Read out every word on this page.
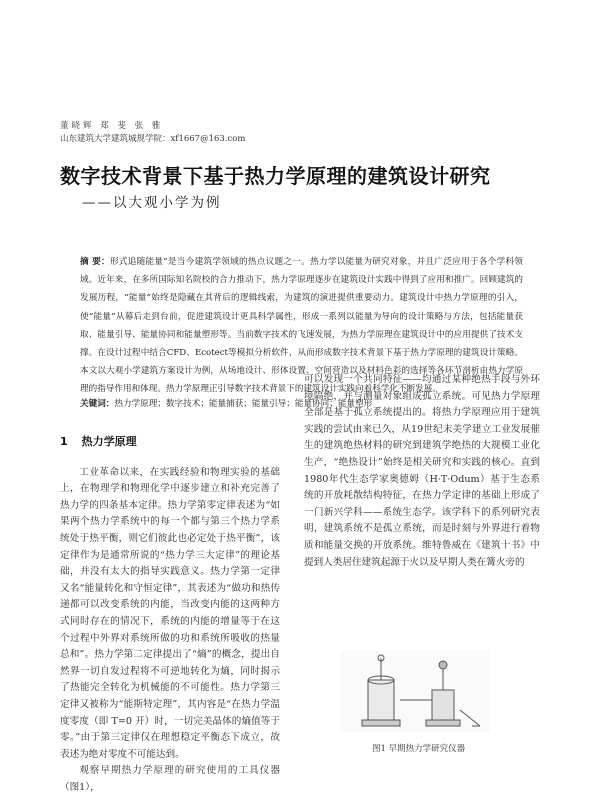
董晓辉 郑 斐 张 雅
山东建筑大学建筑城规学院：xf1667@163.com
数字技术背景下基于热力学原理的建筑设计研究
——以大观小学为例
摘 要：形式追随能量”是当今建筑学领域的热点议题之一。热力学以能量为研究对象，并且广泛应用于各个学科领域。近年来，在多所国际知名院校的合力推动下，热力学原理逐步在建筑设计实践中得到了应用和推广。回顾建筑的发展历程，“能量”始终是隐藏在其背后的逻辑线索，为建筑的演进提供重要动力。建筑设计中热力学原理的引入，使“能量”从幕后走到台前，促进建筑设计更具科学属性，形成一系列以能量为导向的设计策略与方法，包括能量获取、能量引导、能量协同和能量塑形等。当前数字技术的飞速发展，为热力学原理在建筑设计中的应用提供了技术支撑。在设计过程中结合CFD、Ecotect等模拟分析软件，从而形成数字技术背景下基于热力学原理的建筑设计策略。本文以大观小学建筑方案设计为例，从场地设计、形体设置、空间营造以及材料色彩的选择等各环节剖析由热力学原理的指导作用和体现。热力学原理正引导数字技术背景下的建筑设计实践向着科学化不断发展。
关键词：热力学原理；数字技术；能量捕获；能量引导；能量协同；能量塑形
1 热力学原理

工业革命以来，在实践经验和物理实验的基础上，在物理学和物理化学中逐步建立和补充完善了热力学的四条基本定律。热力学第零定律表述为“如果两个热力学系统中的每一个都与第三个热力学系统处于热平衡，则它们彼此也必定处于热平衡”，该定律作为是通常所说的“热力学三大定律”的理论基础，并没有太大的指导实践意义。热力学第一定律又名“能量转化和守恒定律”，其表述为“做功和热传递都可以改变系统的内能，当改变内能的这两种方式同时存在的情况下，系统的内能的增量等于在这个过程中外界对系统所做的功和系统所吸收的热量总和”。热力学第二定律提出了“熵”的概念，提出自然界一切自发过程将不可逆地转化为熵，同时揭示了热能完全转化为机械能的不可能性。热力学第三定律又被称为“能斯特定理”，其内容是“在热力学温度零度（即 T=0 开）时，一切完美晶体的熵值等于零。”由于第三定律仅在理想稳定平衡态下成立，故表述为绝对零度不可能达到。

观察早期热力学原理的研究使用的工具仪器（图1），

可以发现一个共同特征——均通过某种绝热手段与外环境隔绝，并与测量对象组成孤立系统。可见热力学原理全部是基于孤立系统提出的。将热力学原理应用于建筑实践的尝试由来已久，从19世纪末美学建立工业发展催生的建筑绝热材料的研究到建筑学绝热的大规模工业化生产，“绝热设计”始终是相关研究和实践的核心。直到1980年代生态学家奥德姆（H·T·Odum）基于生态系统的开放耗散结构特征，在热力学定律的基础上形成了一门新兴学科——系统生态学。该学科下的系列研究表明，建筑系统不是孤立系统，而是时刻与外界进行着物质和能量交换的开放系统。维特鲁威在《建筑十书》中提到人类居住建筑起源于火以及早期人类在篝火旁的

图1 早期热力学研究仪器
